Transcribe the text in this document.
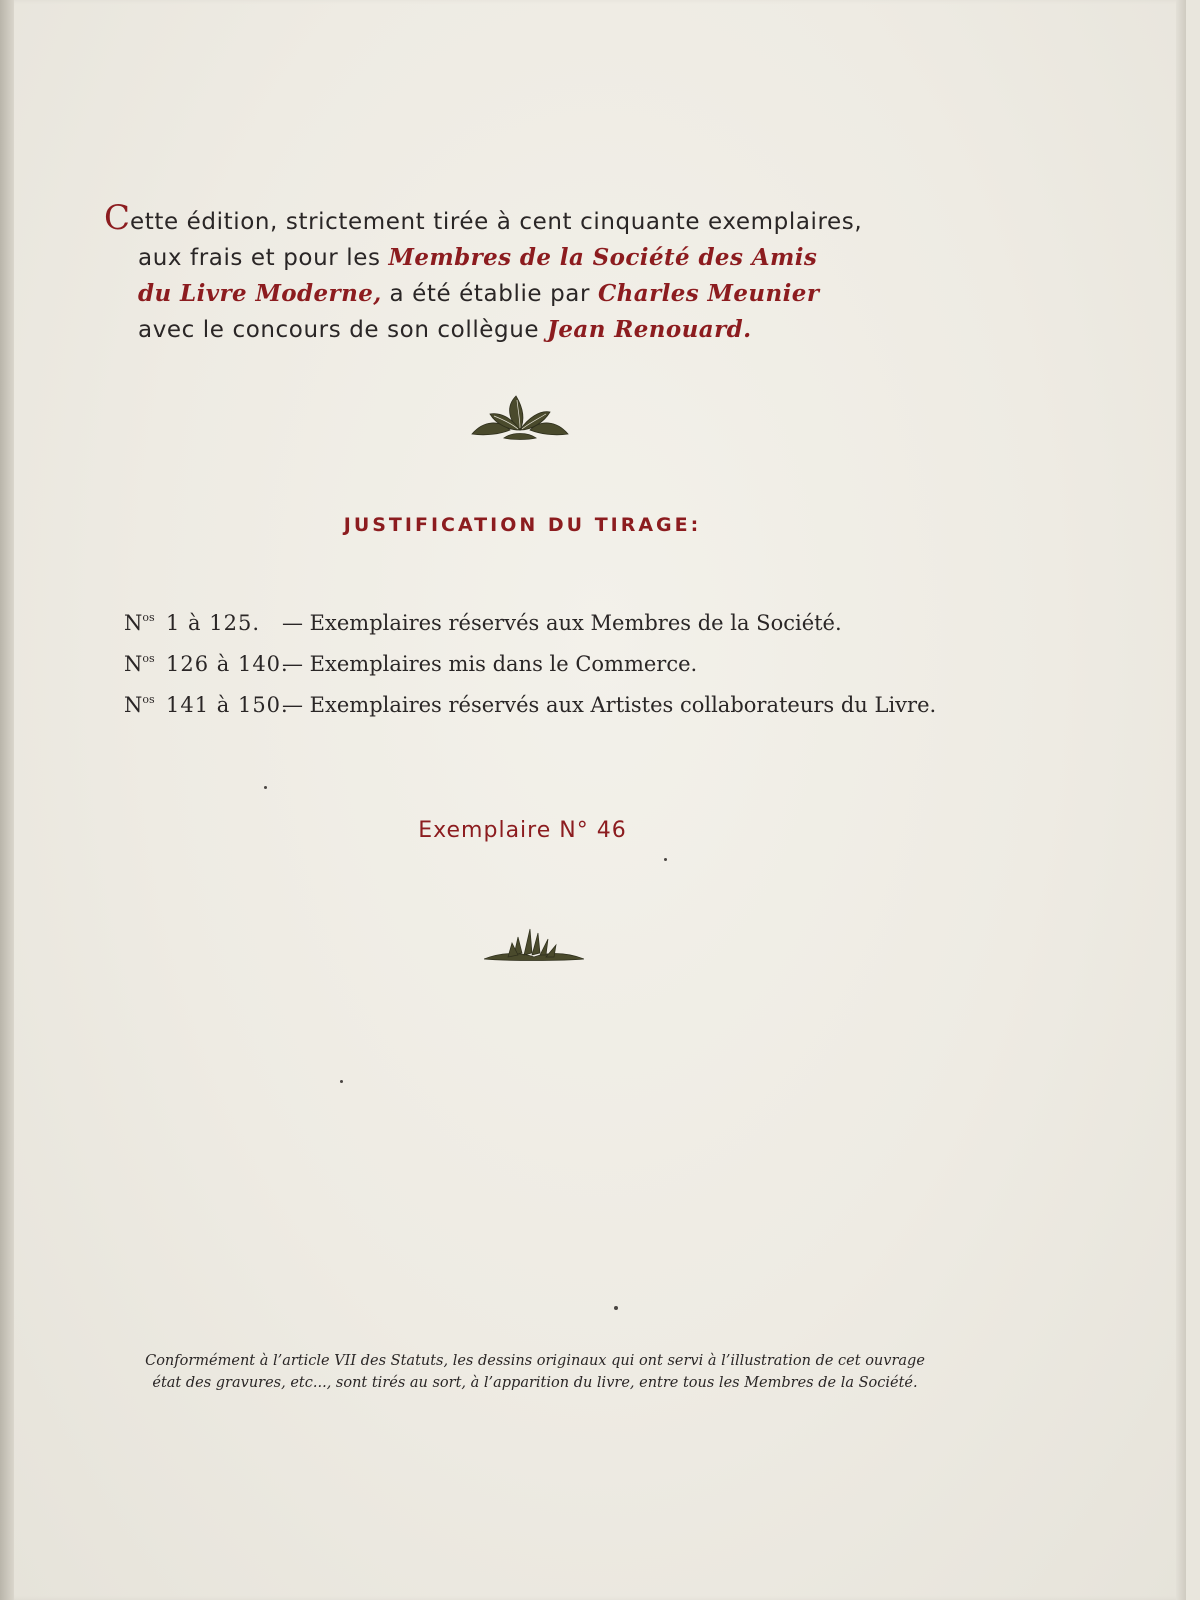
Cette édition, strictement tirée à cent cinquante exemplaires,
aux frais et pour les Membres de la Société des Amis
du Livre Moderne, a été établie par Charles Meunier
avec le concours de son collègue Jean Renouard.
JUSTIFICATION DU TIRAGE:
$N^{os}$ 1 à 125. — Exemplaires réservés aux Membres de la Société.
$N^{os}$ 126 à 140.— Exemplaires mis dans le Commerce.
$N^{os}$ 141 à 150.— Exemplaires réservés aux Artistes collaborateurs du Livre.
Exemplaire N° 46
Conformément à l’article VII des Statuts, les dessins originaux qui ont servi à l’illustration de cet ouvrage
état des gravures, etc..., sont tirés au sort, à l’apparition du livre, entre tous les Membres de la Société.
